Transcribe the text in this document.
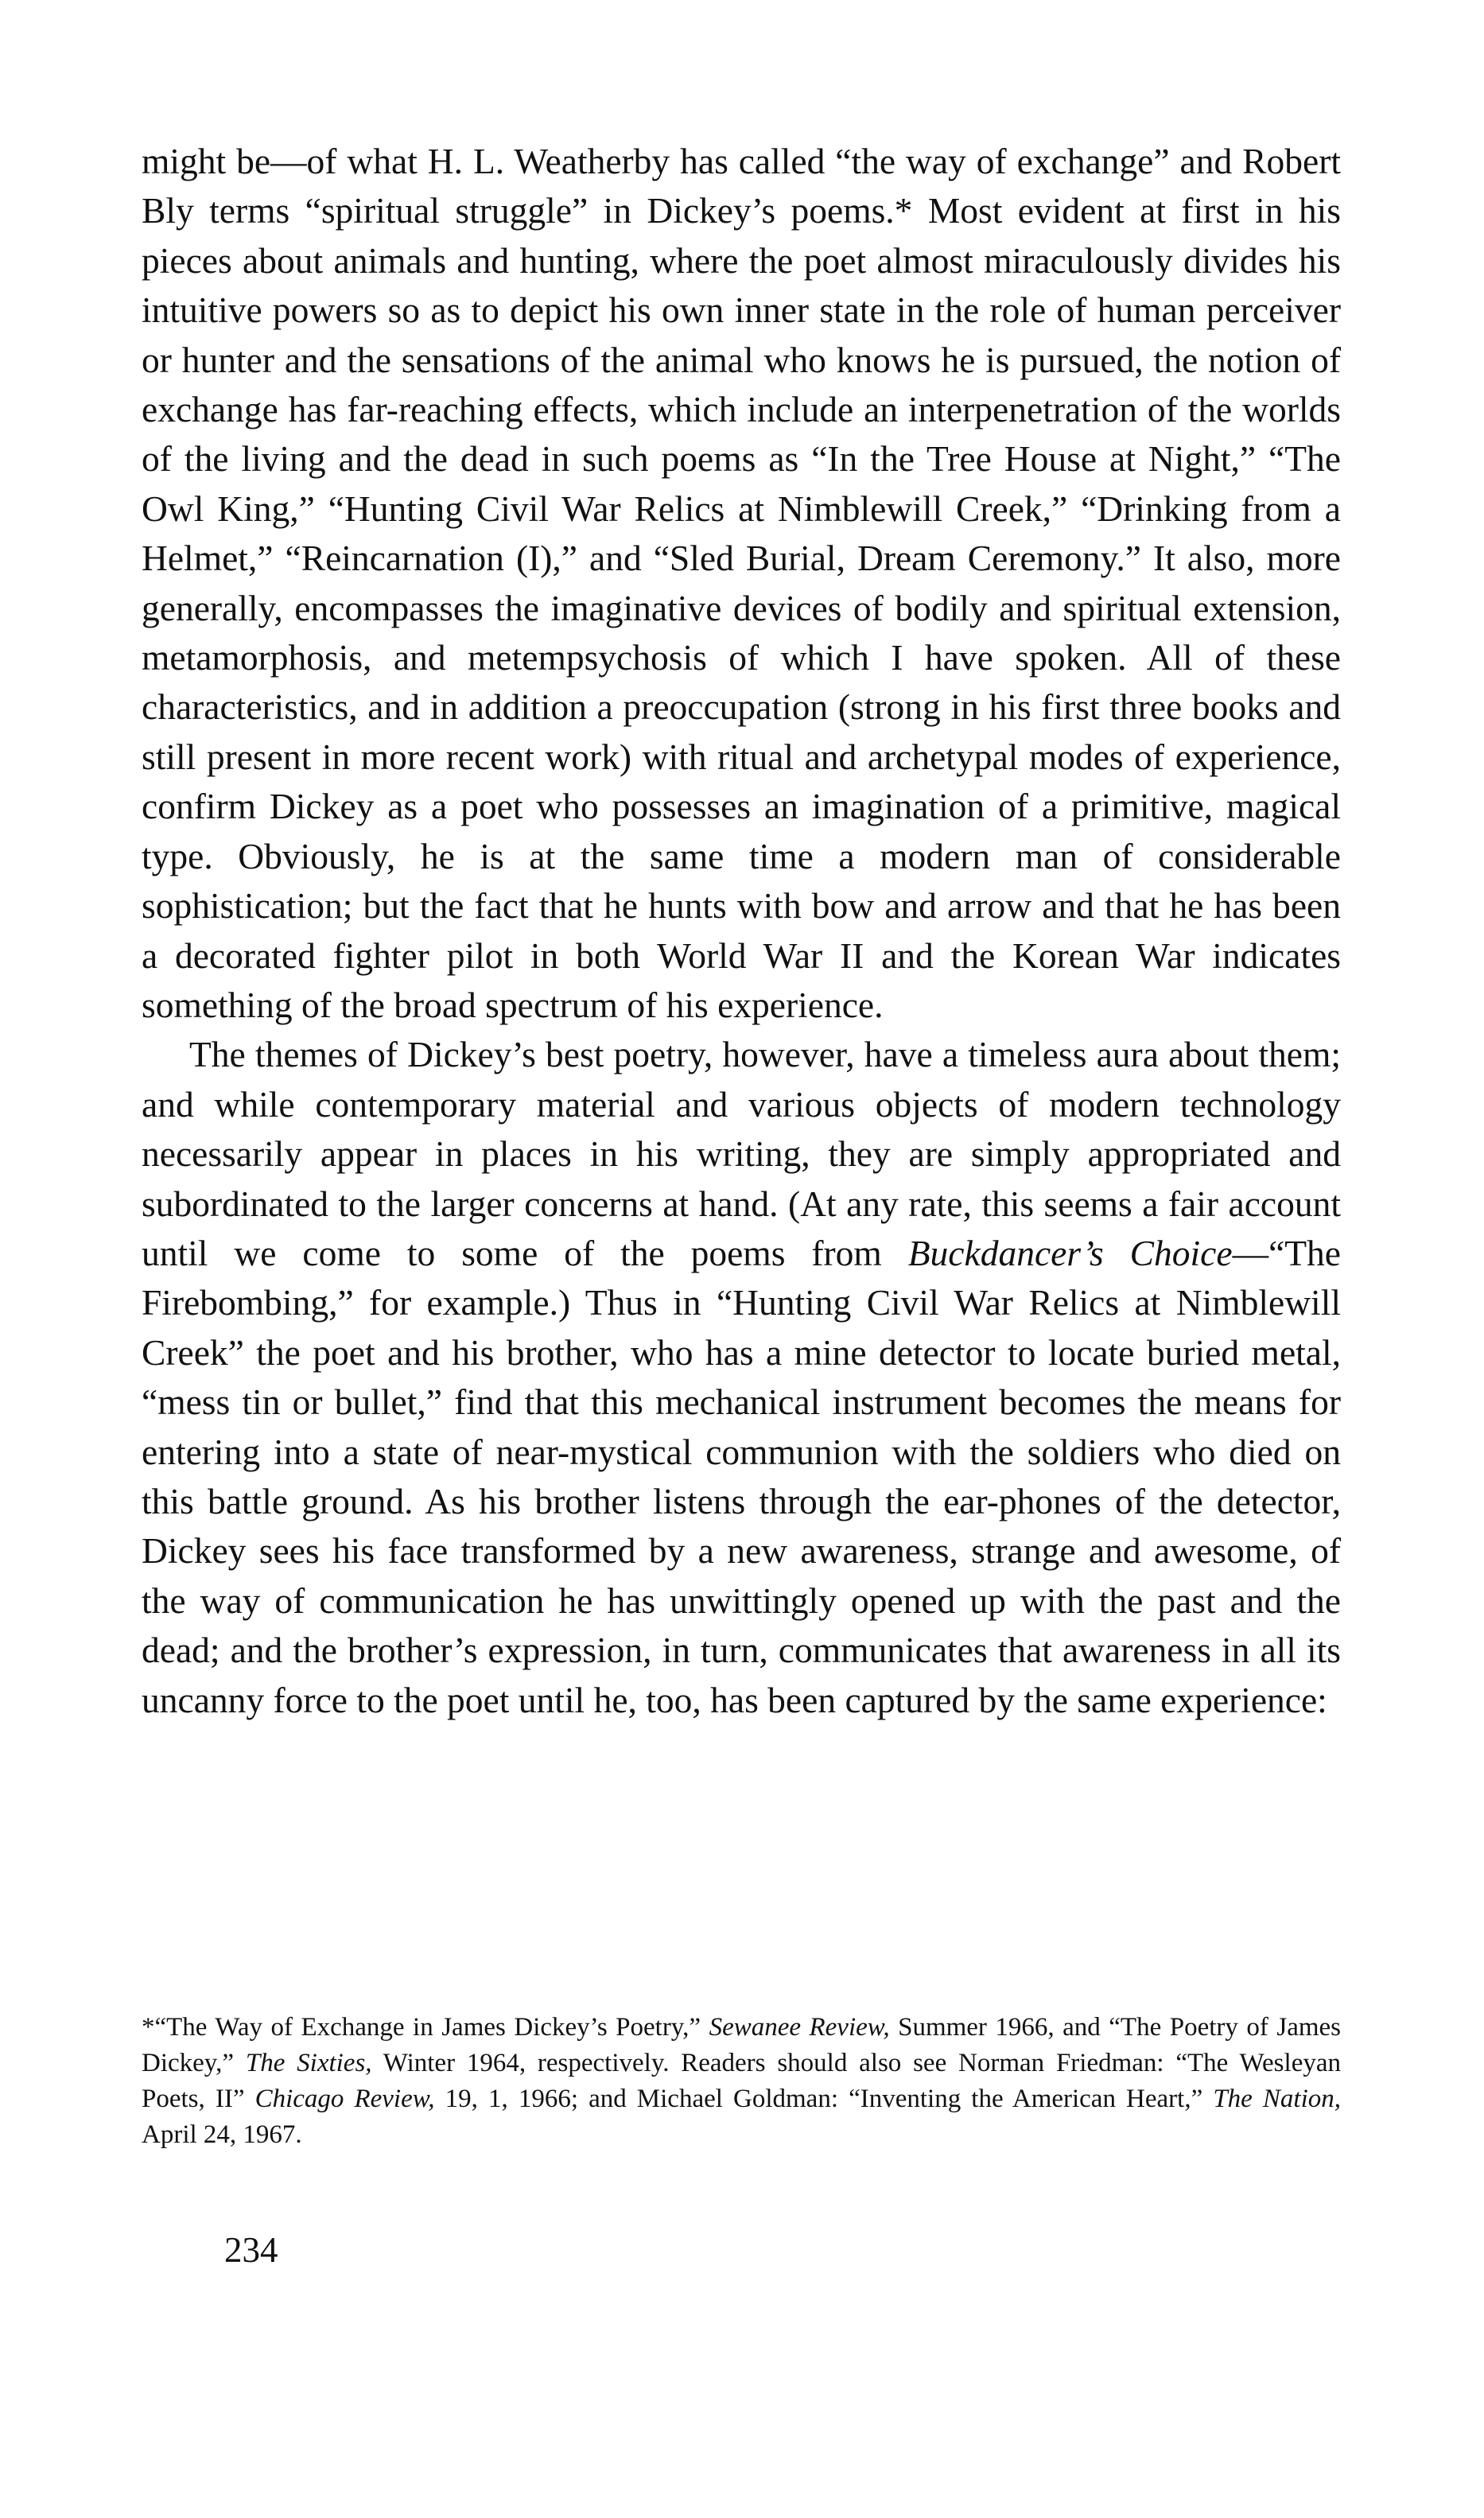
might be—of what H. L. Weatherby has called “the way of exchange” and Robert Bly terms “spiritual struggle” in Dickey’s poems.* Most evident at first in his pieces about animals and hunting, where the poet almost miraculously divides his intuitive powers so as to depict his own inner state in the role of human perceiver or hunter and the sensations of the animal who knows he is pursued, the notion of exchange has far-reaching effects, which include an interpenetration of the worlds of the living and the dead in such poems as “In the Tree House at Night,” “The Owl King,” “Hunting Civil War Relics at Nimblewill Creek,” “Drinking from a Helmet,” “Reincarnation (I),” and “Sled Burial, Dream Ceremony.” It also, more generally, encompasses the imaginative devices of bodily and spiritual extension, metamorphosis, and metempsychosis of which I have spoken. All of these characteristics, and in addition a preoccupation (strong in his first three books and still present in more recent work) with ritual and archetypal modes of experience, confirm Dickey as a poet who possesses an imagination of a primitive, magical type. Obviously, he is at the same time a modern man of considerable sophistication; but the fact that he hunts with bow and arrow and that he has been a decorated fighter pilot in both World War II and the Korean War indicates something of the broad spectrum of his experience.

The themes of Dickey’s best poetry, however, have a timeless aura about them; and while contemporary material and various objects of modern technology necessarily appear in places in his writing, they are simply appropriated and subordinated to the larger concerns at hand. (At any rate, this seems a fair account until we come to some of the poems from Buckdancer’s Choice—“The Firebombing,” for example.) Thus in “Hunting Civil War Relics at Nimblewill Creek” the poet and his brother, who has a mine detector to locate buried metal, “mess tin or bullet,” find that this mechanical instrument becomes the means for entering into a state of near-mystical communion with the soldiers who died on this battle ground. As his brother listens through the ear-phones of the detector, Dickey sees his face transformed by a new awareness, strange and awesome, of the way of communication he has unwittingly opened up with the past and the dead; and the brother’s expression, in turn, communicates that awareness in all its uncanny force to the poet until he, too, has been captured by the same experience:

*“The Way of Exchange in James Dickey’s Poetry,” Sewanee Review, Summer 1966, and “The Poetry of James Dickey,” The Sixties, Winter 1964, respectively. Readers should also see Norman Friedman: “The Wesleyan Poets, II” Chicago Review, 19, 1, 1966; and Michael Goldman: “Inventing the American Heart,” The Nation, April 24, 1967.

234
